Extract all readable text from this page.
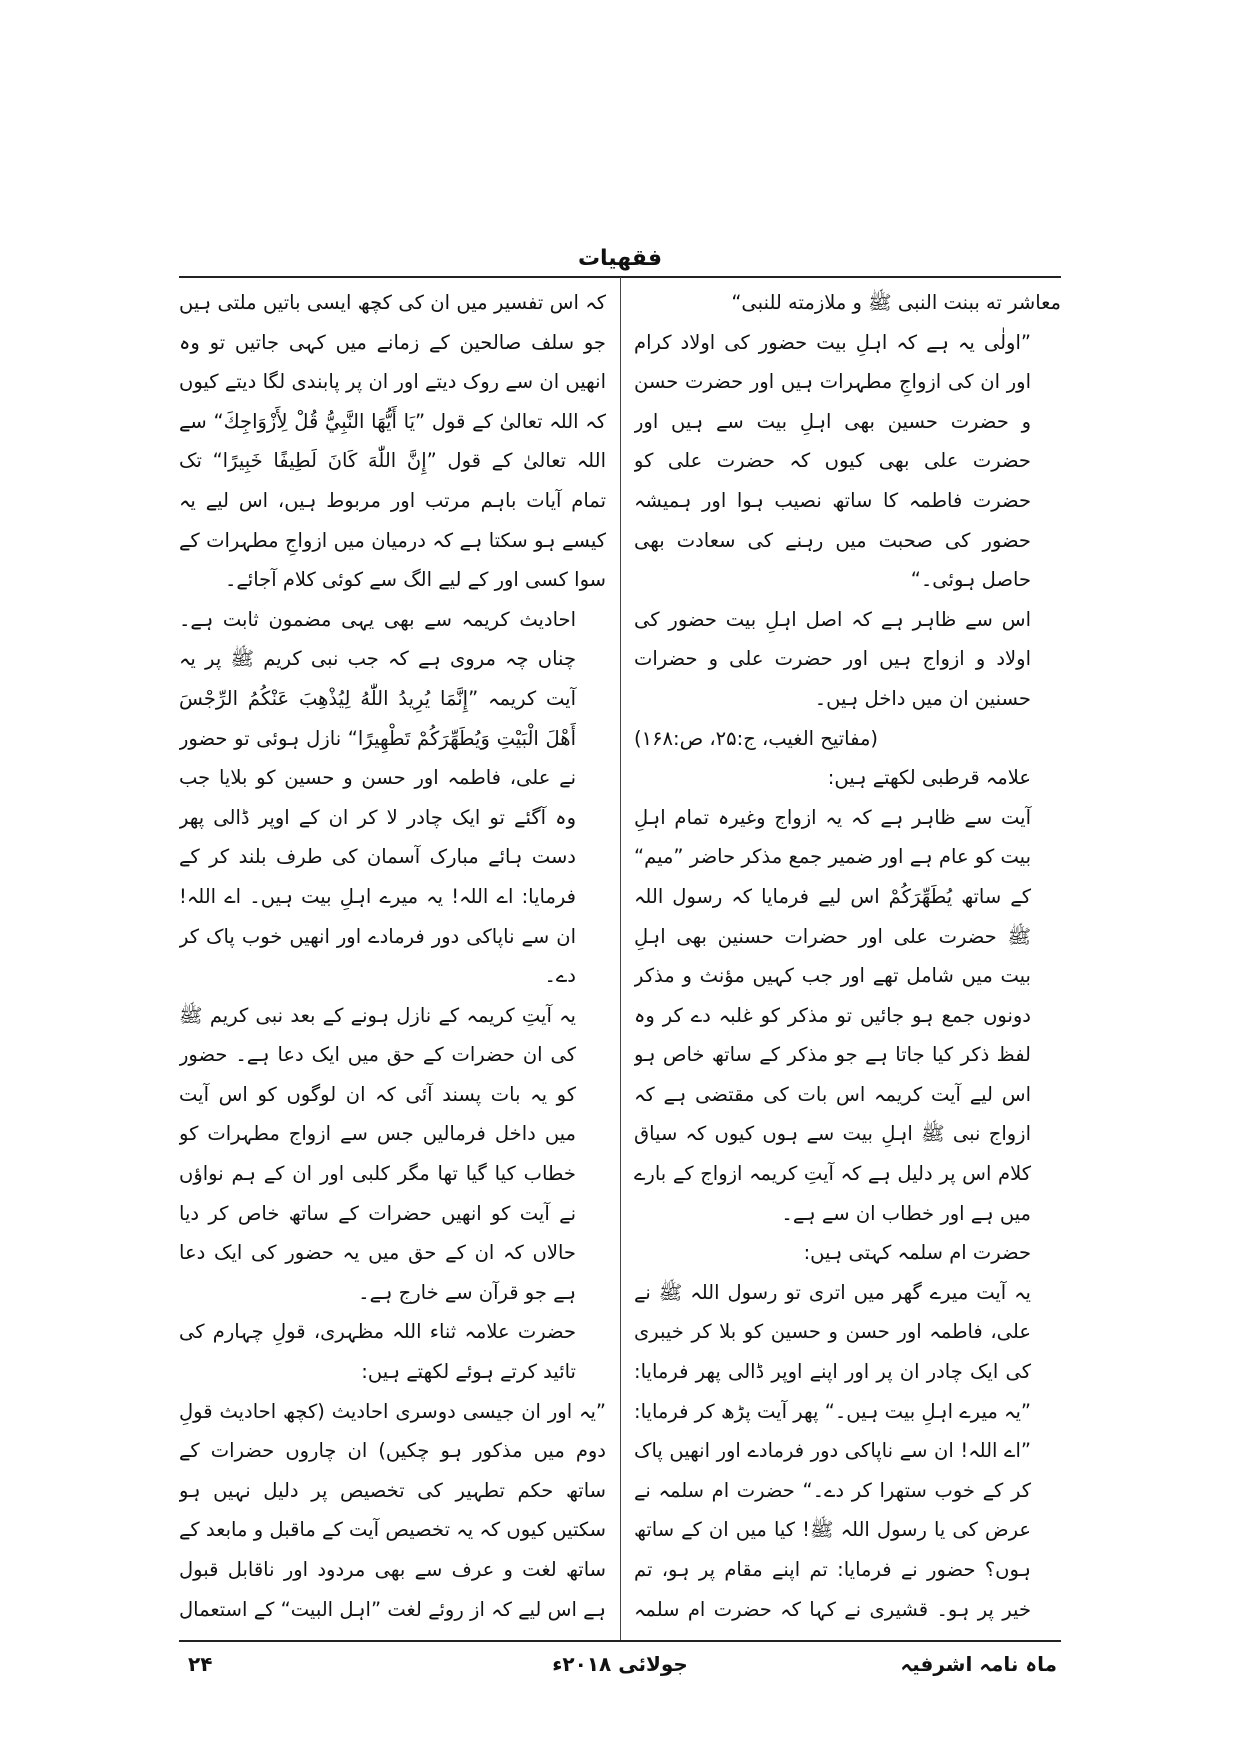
فقهيات

معاشر ته ببنت النبی ﷺ و ملازمته للنبی“

”اولٰی یہ ہے کہ اہلِ بیت حضور کی اولاد کرام اور ان کی ازواجِ مطہرات ہیں اور حضرت حسن و حضرت حسین بھی اہلِ بیت سے ہیں اور حضرت علی بھی کیوں کہ حضرت علی کو حضرت فاطمہ کا ساتھ نصیب ہوا اور ہمیشہ حضور کی صحبت میں رہنے کی سعادت بھی حاصل ہوئی۔“

اس سے ظاہر ہے کہ اصل اہلِ بیت حضور کی اولاد و ازواج ہیں اور حضرت علی و حضرات حسنین ان میں داخل ہیں۔

(مفاتیح الغیب، ج:۲۵، ص:۱۶۸)

علامہ قرطبی لکھتے ہیں:

آیت سے ظاہر ہے کہ یہ ازواج وغیرہ تمام اہلِ بیت کو عام ہے اور ضمیر جمع مذکر حاضر ”میم“ کے ساتھ یُطَهِّرَكُمْ اس لیے فرمایا کہ رسول اللہ ﷺ حضرت علی اور حضرات حسنین بھی اہلِ بیت میں شامل تھے اور جب کہیں مؤنث و مذکر دونوں جمع ہو جائیں تو مذکر کو غلبہ دے کر وہ لفظ ذکر کیا جاتا ہے جو مذکر کے ساتھ خاص ہو اس لیے آیت کریمہ اس بات کی مقتضی ہے کہ ازواج نبی ﷺ اہلِ بیت سے ہوں کیوں کہ سیاق کلام اس پر دلیل ہے کہ آیتِ کریمہ ازواج کے بارے میں ہے اور خطاب ان سے ہے۔

حضرت ام سلمہ کہتی ہیں:

یہ آیت میرے گھر میں اتری تو رسول اللہ ﷺ نے علی، فاطمہ اور حسن و حسین کو بلا کر خیبری کی ایک چادر ان پر اور اپنے اوپر ڈالی پھر فرمایا: ”یہ میرے اہلِ بیت ہیں۔“ پھر آیت پڑھ کر فرمایا: ”اے اللہ! ان سے ناپاکی دور فرمادے اور انھیں پاک کر کے خوب ستھرا کر دے۔“ حضرت ام سلمہ نے عرض کی یا رسول اللہ ﷺ! کیا میں ان کے ساتھ ہوں؟ حضور نے فرمایا: تم اپنے مقام پر ہو، تم خیر پر ہو۔ قشیری نے کہا کہ حضرت ام سلمہ

کہ اس تفسیر میں ان کی کچھ ایسی باتیں ملتی ہیں جو سلف صالحین کے زمانے میں کہی جاتیں تو وہ انھیں ان سے روک دیتے اور ان پر پابندی لگا دیتے کیوں کہ اللہ تعالیٰ کے قول ”يَا أَيُّهَا النَّبِيُّ قُلْ لِأَزْوَاجِكَ“ سے اللہ تعالیٰ کے قول ”إِنَّ اللّٰهَ كَانَ لَطِيفًا خَبِيرًا“ تک تمام آیات باہم مرتب اور مربوط ہیں، اس لیے یہ کیسے ہو سکتا ہے کہ درمیان میں ازواجِ مطہرات کے سوا کسی اور کے لیے الگ سے کوئی کلام آجائے۔

احادیث کریمہ سے بھی یہی مضمون ثابت ہے۔ چناں چہ مروی ہے کہ جب نبی کریم ﷺ پر یہ آیت کریمہ ”إِنَّمَا يُرِيدُ اللّٰهُ لِيُذْهِبَ عَنْكُمُ الرِّجْسَ أَهْلَ الْبَيْتِ وَيُطَهِّرَكُمْ تَطْهِيرًا“ نازل ہوئی تو حضور نے علی، فاطمہ اور حسن و حسین کو بلایا جب وہ آگئے تو ایک چادر لا کر ان کے اوپر ڈالی پھر دست ہائے مبارک آسمان کی طرف بلند کر کے فرمایا: اے اللہ! یہ میرے اہلِ بیت ہیں۔ اے اللہ! ان سے ناپاکی دور فرمادے اور انھیں خوب پاک کر دے۔

یہ آیتِ کریمہ کے نازل ہونے کے بعد نبی کریم ﷺ کی ان حضرات کے حق میں ایک دعا ہے۔ حضور کو یہ بات پسند آئی کہ ان لوگوں کو اس آیت میں داخل فرمالیں جس سے ازواج مطہرات کو خطاب کیا گیا تھا مگر کلبی اور ان کے ہم نواؤں نے آیت کو انھیں حضرات کے ساتھ خاص کر دیا حالاں کہ ان کے حق میں یہ حضور کی ایک دعا ہے جو قرآن سے خارج ہے۔

حضرت علامہ ثناء اللہ مظہری، قولِ چہارم کی تائید کرتے ہوئے لکھتے ہیں:

”یہ اور ان جیسی دوسری احادیث (کچھ احادیث قولِ دوم میں مذکور ہو چکیں) ان چاروں حضرات کے ساتھ حکم تطہیر کی تخصیص پر دلیل نہیں ہو سکتیں کیوں کہ یہ تخصیص آیت کے ماقبل و مابعد کے ساتھ لغت و عرف سے بھی مردود اور ناقابل قبول ہے اس لیے کہ از روئے لغت ”اہل البیت“ کے استعمال

ماہ نامہ اشرفیہ
جولائی ۲۰۱۸ء
۲۴
